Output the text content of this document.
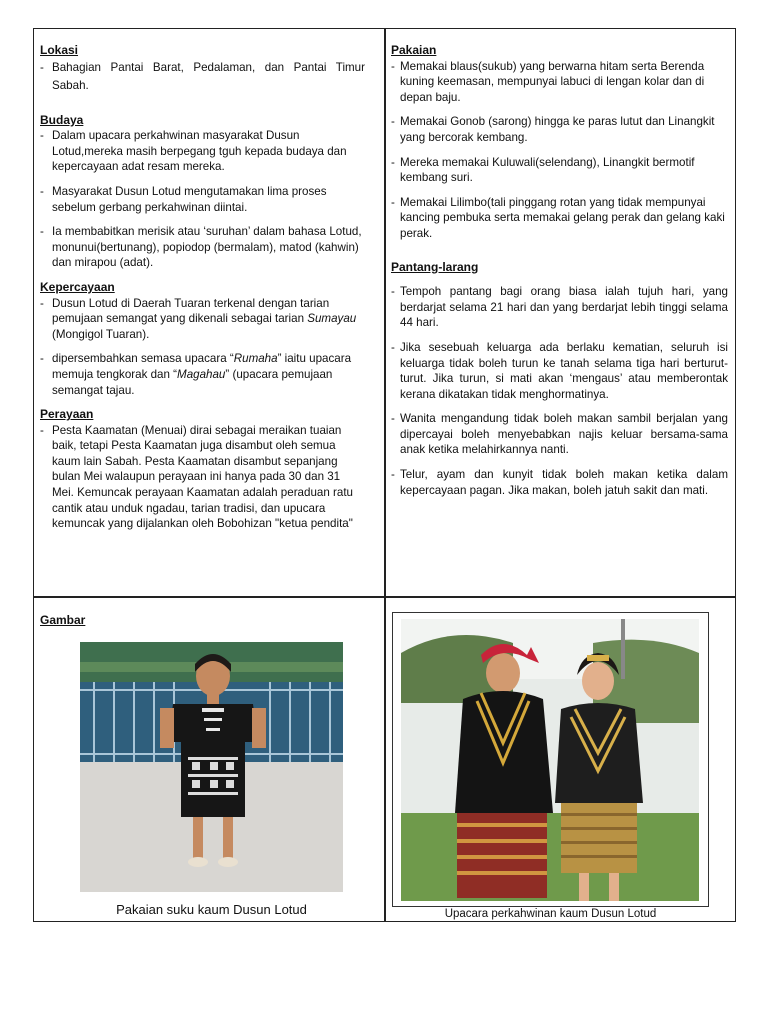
Lokasi

- Bahagian Pantai Barat, Pedalaman, dan Pantai Timur Sabah.

Budaya

- Dalam upacara perkahwinan masyarakat Dusun Lotud,mereka masih berpegang tguh kepada budaya dan kepercayaan adat resam mereka.
- Masyarakat Dusun Lotud mengutamakan lima proses sebelum gerbang perkahwinan diintai.
- Ia membabitkan merisik atau ‘suruhan’ dalam bahasa Lotud, monunui(bertunang), popiodop (bermalam), matod (kahwin) dan mirapou (adat).

Kepercayaan

- Dusun Lotud di Daerah Tuaran terkenal dengan tarian pemujaan semangat yang dikenali sebagai tarian Sumayau (Mongigol Tuaran).
- dipersembahkan semasa upacara “Rumaha” iaitu upacara memuja tengkorak dan “Magahau” (upacara pemujaan semangat tajau.

Perayaan

- Pesta Kaamatan (Menuai) dirai sebagai meraikan tuaian baik, tetapi Pesta Kaamatan juga disambut oleh semua kaum lain Sabah. Pesta Kaamatan disambut sepanjang bulan Mei walaupun perayaan ini hanya pada 30 dan 31 Mei. Kemuncak perayaan Kaamatan adalah peraduan ratu cantik atau unduk ngadau, tarian tradisi, dan upucara kemuncak yang dijalankan oleh Bobohizan "ketua pendita"

Pakaian

- Memakai blaus(sukub) yang berwarna hitam serta Berenda kuning keemasan, mempunyai labuci di lengan kolar dan di depan baju.
- Memakai Gonob (sarong) hingga ke paras lutut dan Linangkit yang bercorak kembang.
- Mereka memakai Kuluwali(selendang), Linangkit bermotif kembang suri.
- Memakai Lilimbo(tali pinggang rotan yang tidak mempunyai kancing pembuka serta memakai gelang perak dan gelang kaki perak.

Pantang-larang

- Tempoh pantang bagi orang biasa ialah tujuh hari, yang berdarjat selama 21 hari dan yang berdarjat lebih tinggi selama 44 hari.
- Jika sesebuah keluarga ada berlaku kematian, seluruh isi keluarga tidak boleh turun ke tanah selama tiga hari berturut-turut. Jika turun, si mati akan ‘mengaus’ atau memberontak kerana dikatakan tidak menghormatinya.
- Wanita mengandung tidak boleh makan sambil berjalan yang dipercayai boleh menyebabkan najis keluar bersama-sama anak ketika melahirkannya nanti.
- Telur, ayam dan kunyit tidak boleh makan ketika dalam kepercayaan pagan. Jika makan, boleh jatuh sakit dan mati.

Gambar

Pakaian suku kaum Dusun Lotud	Upacara perkahwinan kaum Dusun Lotud
